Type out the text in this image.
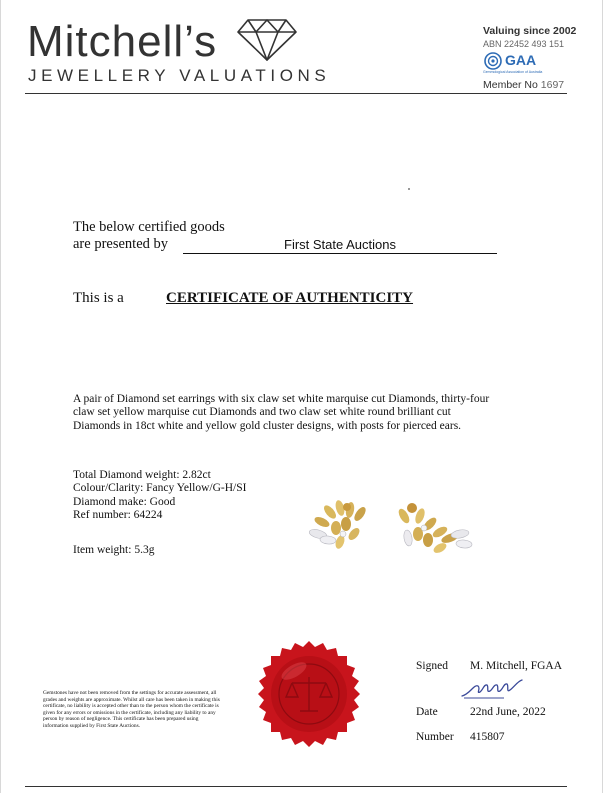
Mitchell’s
JEWELLERY VALUATIONS
Valuing since 2002
ABN 22452 493 151
GAA
Gemmological Association of Australia
Member No 1697
The below certified goods
are presented by	First State Auctions
This is a	CERTIFICATE OF AUTHENTICITY
A pair of Diamond set earrings with six claw set white marquise cut Diamonds, thirty-four claw set yellow marquise cut Diamonds and two claw set white round brilliant cut Diamonds in 18ct white and yellow gold cluster designs, with posts for pierced ears.
Total Diamond weight: 2.82ct
Colour/Clarity: Fancy Yellow/G-H/SI
Diamond make: Good
Ref number: 64224
Item weight: 5.3g
Gemstones have not been removed from the settings for accurate assessment, all grades and weights are approximate. Whilst all care has been taken in making this certificate, no liability is accepted other than to the person whom the certificate is given for any errors or omissions in the certificate, including any liability to any person by reason of negligence. This certificate has been prepared using information supplied by First State Auctions.
Signed M. Mitchell, FGAA
Date	22nd June, 2022
Number 415807
